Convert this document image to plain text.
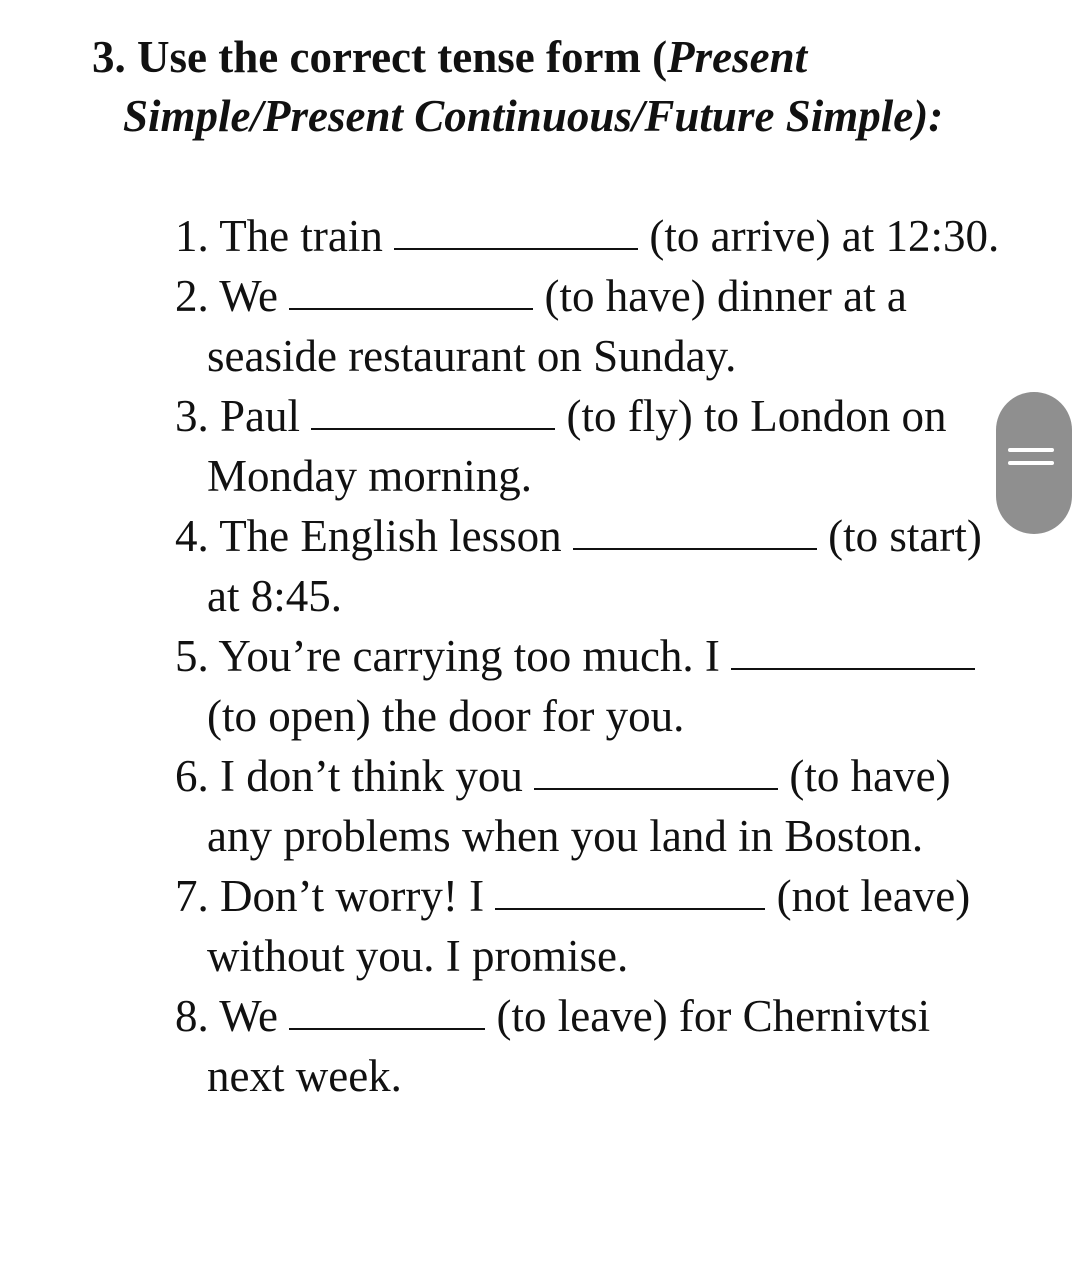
3. Use the correct tense form (Present Simple/Present Continuous/Future Simple):
1. The train	(to arrive) at 12:30.
2. We	(to have) dinner at a seaside restaurant on Sunday.
3. Paul	(to fly) to London on Monday morning.
4. The English lesson	(to start) at 8:45.
5. You’re carrying too much. I  (to open) the door for you.
6. I don’t think you	(to have) any problems when you land in Boston.
7. Don’t worry! I	(not leave) without you. I promise.
8. We	(to leave) for Chernivtsi next week.
